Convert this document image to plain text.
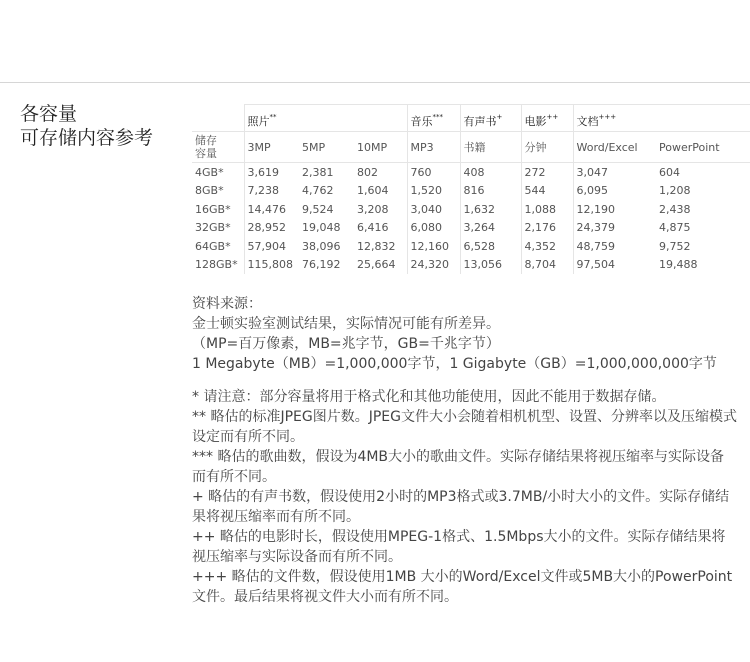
各容量
可存储内容参考
	照片**			音乐***	有声书+	电影++	文档+++
储存
容量	3MP	5MP	10MP	MP3	书籍	分钟	Word/Excel	PowerPoint
4GB*	3,619	2,381	802	760	408	272	3,047	604
8GB*	7,238	4,762	1,604	1,520	816	544	6,095	1,208
16GB*	14,476	9,524	3,208	3,040	1,632	1,088	12,190	2,438
32GB*	28,952	19,048	6,416	6,080	3,264	2,176	24,379	4,875
64GB*	57,904	38,096	12,832	12,160	6,528	4,352	48,759	9,752
128GB*	115,808	76,192	25,664	24,320	13,056	8,704	97,504	19,488

资料来源：

金士顿实验室测试结果，实际情况可能有所差异。

（MP=百万像素，MB=兆字节，GB=千兆字节）

1 Megabyte（MB）=1,000,000字节，1 Gigabyte（GB）=1,000,000,000字节

* 请注意：部分容量将用于格式化和其他功能使用，因此不能用于数据存储。

** 略估的标准JPEG图片数。JPEG文件大小会随着相机机型、设置、分辨率以及压缩模式设定而有所不同。

*** 略估的歌曲数，假设为4MB大小的歌曲文件。实际存储结果将视压缩率与实际设备而有所不同。

+ 略估的有声书数，假设使用2小时的MP3格式或3.7MB/小时大小的文件。实际存储结果将视压缩率而有所不同。

++ 略估的电影时长，假设使用MPEG-1格式、1.5Mbps大小的文件。实际存储结果将视压缩率与实际设备而有所不同。

+++ 略估的文件数，假设使用1MB 大小的Word/Excel文件或5MB大小的PowerPoint文件。最后结果将视文件大小而有所不同。
